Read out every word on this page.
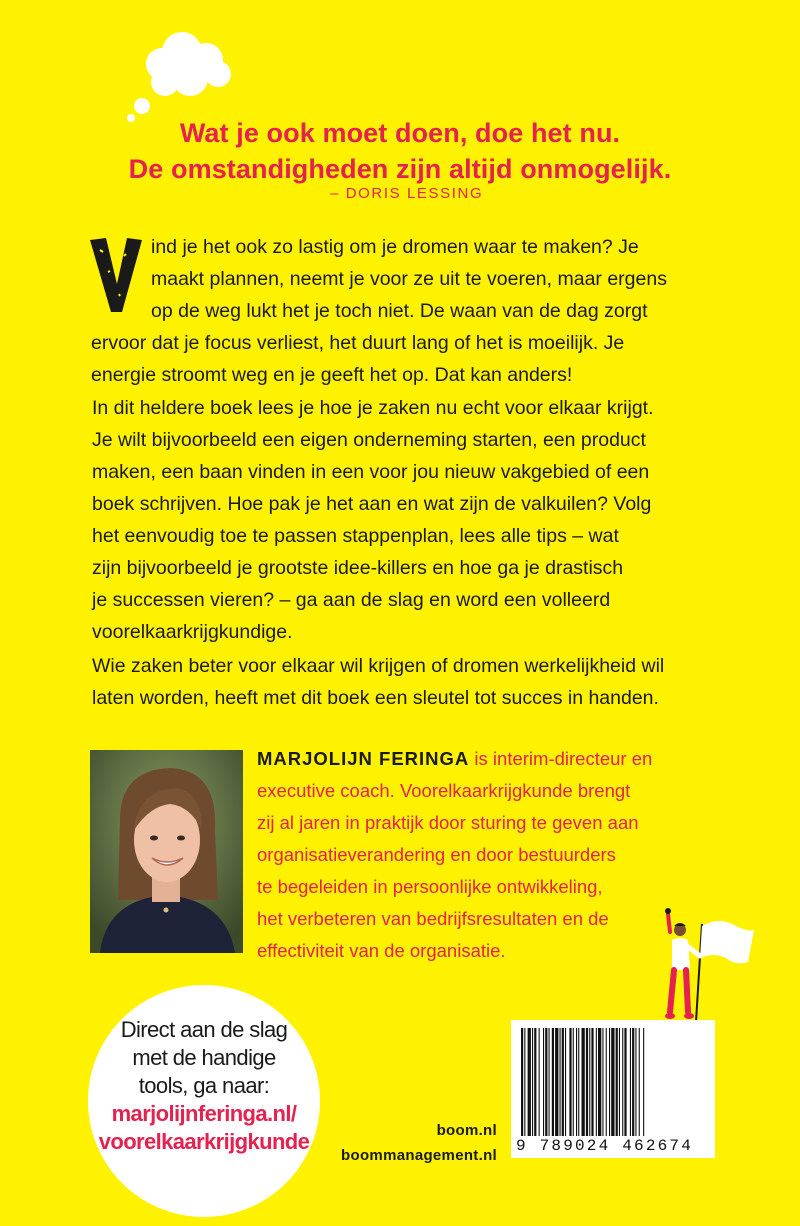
Wat je ook moet doen, doe het nu.
De omstandigheden zijn altijd onmogelijk.
– DORIS LESSING
ind je het ook zo lastig om je dromen waar te maken? Je
maakt plannen, neemt je voor ze uit te voeren, maar ergens
op de weg lukt het je toch niet. De waan van de dag zorgt
ervoor dat je focus verliest, het duurt lang of het is moeilijk. Je
energie stroomt weg en je geeft het op. Dat kan anders!
In dit heldere boek lees je hoe je zaken nu echt voor elkaar krijgt.
Je wilt bijvoorbeeld een eigen onderneming starten, een product
maken, een baan vinden in een voor jou nieuw vakgebied of een
boek schrijven. Hoe pak je het aan en wat zijn de valkuilen? Volg
het eenvoudig toe te passen stappenplan, lees alle tips – wat
zijn bijvoorbeeld je grootste idee-killers en hoe ga je drastisch
je successen vieren? – ga aan de slag en word een volleerd
voorelkaarkrijgkundige.
Wie zaken beter voor elkaar wil krijgen of dromen werkelijkheid wil
laten worden, heeft met dit boek een sleutel tot succes in handen.
MARJOLIJN FERINGA is interim-directeur en
executive coach. Voorelkaarkrijgkunde brengt
zij al jaren in praktijk door sturing te geven aan
organisatieverandering en door bestuurders
te begeleiden in persoonlijke ontwikkeling,
het verbeteren van bedrijfsresultaten en de
effectiviteit van de organisatie.
Direct aan de slag
met de handige
tools, ga naar:
marjolijnferinga.nl/
voorelkaarkrijgkunde	boom.nl
boommanagement.nl
9 789024 462674
